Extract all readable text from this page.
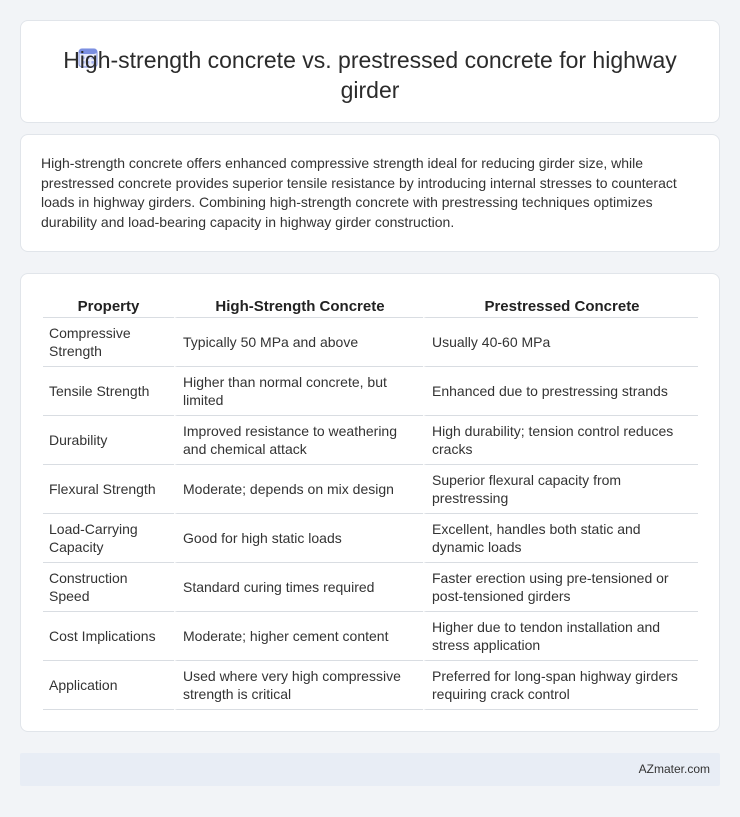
High-strength concrete vs. prestressed concrete for highway girder

High-strength concrete offers enhanced compressive strength ideal for reducing girder size, while prestressed concrete provides superior tensile resistance by introducing internal stresses to counteract loads in highway girders. Combining high-strength concrete with prestressing techniques optimizes durability and load-bearing capacity in highway girder construction.

Property	High-Strength Concrete	Prestressed Concrete
Compressive Strength	Typically 50 MPa and above	Usually 40-60 MPa
Tensile Strength	Higher than normal concrete, but limited	Enhanced due to prestressing strands
Durability	Improved resistance to weathering and chemical attack	High durability; tension control reduces cracks
Flexural Strength	Moderate; depends on mix design	Superior flexural capacity from prestressing
Load-Carrying Capacity	Good for high static loads	Excellent, handles both static and dynamic loads
Construction Speed	Standard curing times required	Faster erection using pre-tensioned or post-tensioned girders
Cost Implications	Moderate; higher cement content	Higher due to tendon installation and stress application
Application	Used where very high compressive strength is critical	Preferred for long-span highway girders requiring crack control
AZmater.com
